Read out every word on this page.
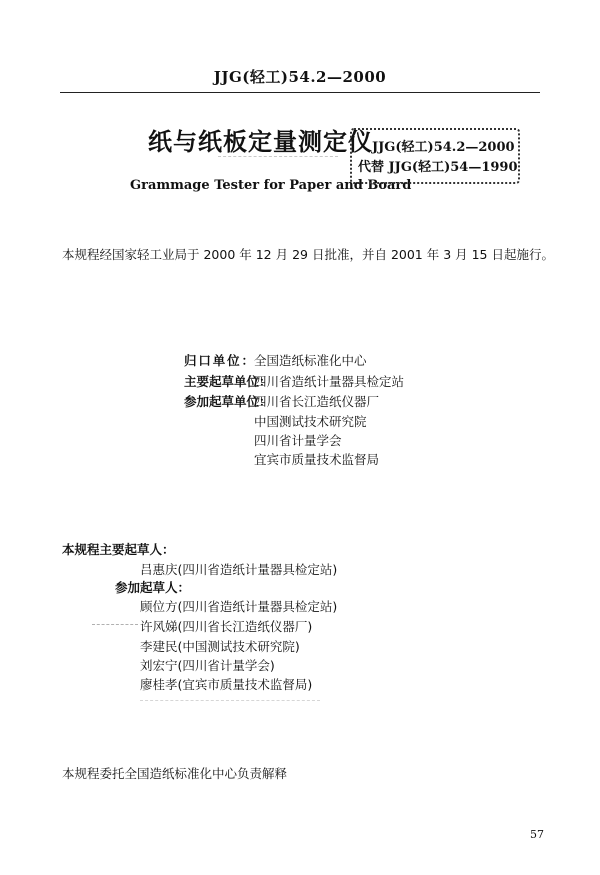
JJG(轻工)54.2—2000
纸与纸板定量测定仪
Grammage Tester for Paper and Board
JJG(轻工)54.2—2000
代替 JJG(轻工)54—1990
本规程经国家轻工业局于 2000 年 12 月 29 日批准，并自 2001 年 3 月 15 日起施行。
归口单位：全国造纸标准化中心
主要起草单位：四川省造纸计量器具检定站
参加起草单位：四川省长江造纸仪器厂
中国测试技术研究院
四川省计量学会
宜宾市质量技术监督局
本规程主要起草人：
吕惠庆(四川省造纸计量器具检定站)
参加起草人：
顾位方(四川省造纸计量器具检定站)
许风娣(四川省长江造纸仪器厂)
李建民(中国测试技术研究院)
刘宏宁(四川省计量学会)
廖桂孝(宜宾市质量技术监督局)
本规程委托全国造纸标准化中心负责解释
57
